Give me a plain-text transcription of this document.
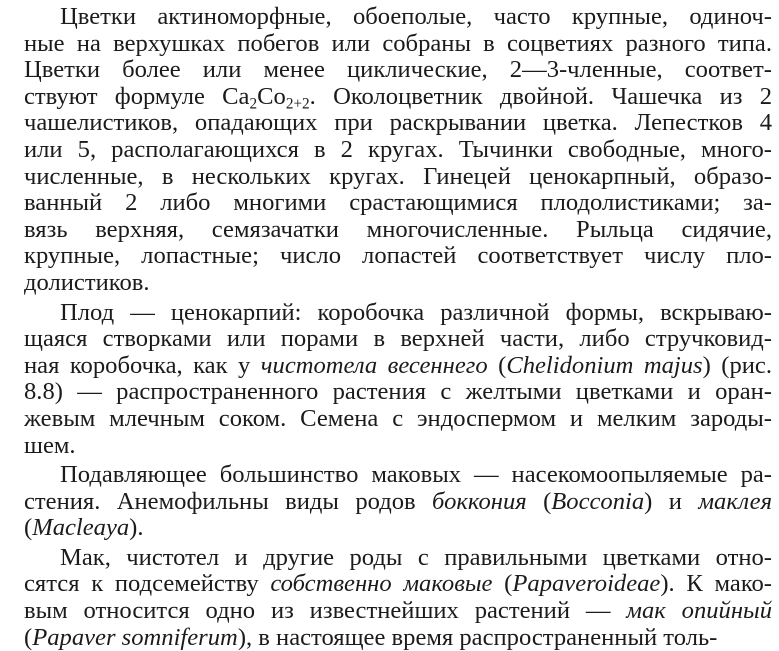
Цветки актиноморфные, обоеполые, часто крупные, одиноч-
ные на верхушках побегов или собраны в соцветиях разного типа.
Цветки более или менее циклические, 2—3-членные, соответ-
ствуют формуле $Ca_2Co_{2+2}$. Околоцветник двойной. Чашечка из 2
чашелистиков, опадающих при раскрывании цветка. Лепестков 4
или 5, располагающихся в 2 кругах. Тычинки свободные, много-
численные, в нескольких кругах. Гинецей ценокарпный, образо-
ванный 2 либо многими срастающимися плодолистиками; за-
вязь верхняя, семязачатки многочисленные. Рыльца сидячие,
крупные, лопастные; число лопастей соответствует числу пло-
долистиков.
Плод — ценокарпий: коробочка различной формы, вскрываю-
щаяся створками или порами в верхней части, либо стручковид-
ная коробочка, как у чистотела весеннего (Chelidonium majus) (рис.
8.8) — распространенного растения с желтыми цветками и оран-
жевым млечным соком. Семена с эндоспермом и мелким зароды-
шем.
Подавляющее большинство маковых — насекомоопыляемые ра-
стения. Анемофильны виды родов боккония (Bocconia) и маклея
(Macleaya).
Мак, чистотел и другие роды с правильными цветками отно-
сятся к подсемейству собственно маковые (Papaveroideae). К мако-
вым относится одно из известнейших растений — мак опийный
(Papaver somniferum), в настоящее время распространенный толь-
